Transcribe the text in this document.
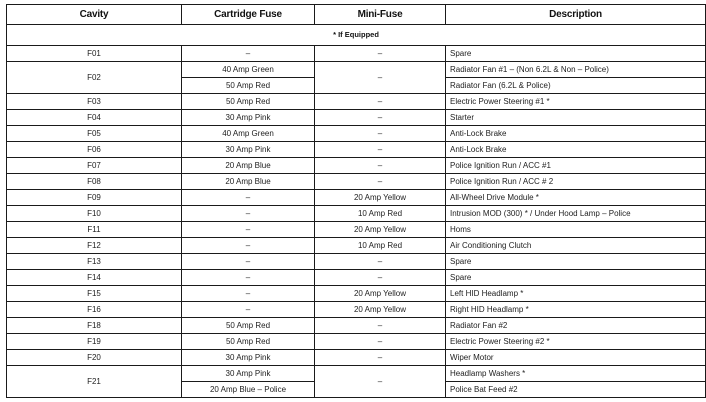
Cavity	Cartridge Fuse	Mini-Fuse	Description
* If Equipped			
F01	–	–	Spare
F02	40 Amp Green	–	Radiator Fan #1 – (Non 6.2L & Non – Police)
	50 Amp Red		Radiator Fan (6.2L & Police)
F03	50 Amp Red	–	Electric Power Steering #1 *
F04	30 Amp Pink	–	Starter
F05	40 Amp Green	–	Anti-Lock Brake
F06	30 Amp Pink	–	Anti-Lock Brake
F07	20 Amp Blue	–	Police Ignition Run / ACC #1
F08	20 Amp Blue	–	Police Ignition Run / ACC # 2
F09	–	20 Amp Yellow	All-Wheel Drive Module *
F10	–	10 Amp Red	Intrusion MOD (300) * / Under Hood Lamp – Police
F11	–	20 Amp Yellow	Homs
F12	–	10 Amp Red	Air Conditioning Clutch
F13	–	–	Spare
F14	–	–	Spare
F15	–	20 Amp Yellow	Left HID Headlamp *
F16	–	20 Amp Yellow	Right HID Headlamp *
F18	50 Amp Red	–	Radiator Fan #2
F19	50 Amp Red	–	Electric Power Steering #2 *
F20	30 Amp Pink	–	Wiper Motor
F21	30 Amp Pink	–	Headlamp Washers *
	20 Amp Blue – Police		Police Bat Feed #2
